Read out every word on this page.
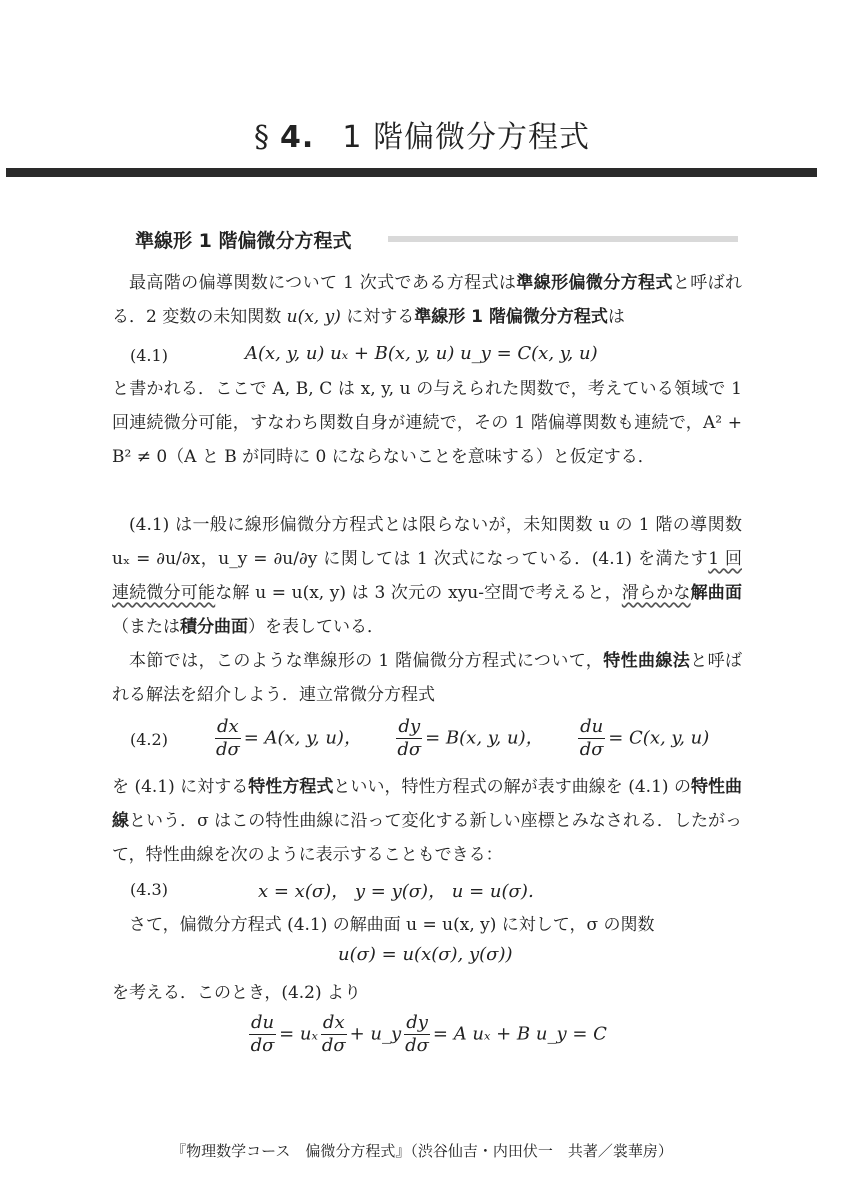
§ 4. 1 階偏微分方程式
準線形 1 階偏微分方程式
最高階の偏導関数について 1 次式である方程式は準線形偏微分方程式と呼ばれる．2 変数の未知関数 u(x, y) に対する準線形 1 階偏微分方程式は
(4.1)	A(x, y, u) uₓ + B(x, y, u) u_y = C(x, y, u)
と書かれる．ここで A, B, C は x, y, u の与えられた関数で，考えている領域で 1 回連続微分可能，すなわち関数自身が連続で，その 1 階偏導関数も連続で，A² + B² ≠ 0（A と B が同時に 0 にならないことを意味する）と仮定する．
(4.1) は一般に線形偏微分方程式とは限らないが，未知関数 u の 1 階の導関数 uₓ = ∂u/∂x，u_y = ∂u/∂y に関しては 1 次式になっている．(4.1) を満たす1 回連続微分可能な解 u = u(x, y) は 3 次元の xyu-空間で考えると，滑らかな解曲面（または積分曲面）を表している．
本節では，このような準線形の 1 階偏微分方程式について，特性曲線法と呼ばれる解法を紹介しよう．連立常微分方程式
(4.2)	$\frac{dx}{d\sigma} = A(x$, y, u)， $\frac{dy}{d\sigma} = B(x$, y, u)， $\frac{du}{d\sigma} = C(x$, y, u)
を (4.1) に対する特性方程式といい，特性方程式の解が表す曲線を (4.1) の特性曲線という．σ はこの特性曲線に沿って変化する新しい座標とみなされる．したがって，特性曲線を次のように表示することもできる：
(4.3)	x = x(σ)， y = y(σ)， u = u(σ)．
さて，偏微分方程式 (4.1) の解曲面 u = u(x, y) に対して，σ の関数
u(σ) = u(x(σ), y(σ))
を考える．このとき，(4.2) より
$\frac{du}{d\sigma} = u_x \frac{dx}{d\sigma}$ + u_y $\frac{dy}{d\sigma} = A$ uₓ + B u_y = C
『物理数学コース　偏微分方程式』（渋谷仙吉・内田伏一　共著／裳華房）
